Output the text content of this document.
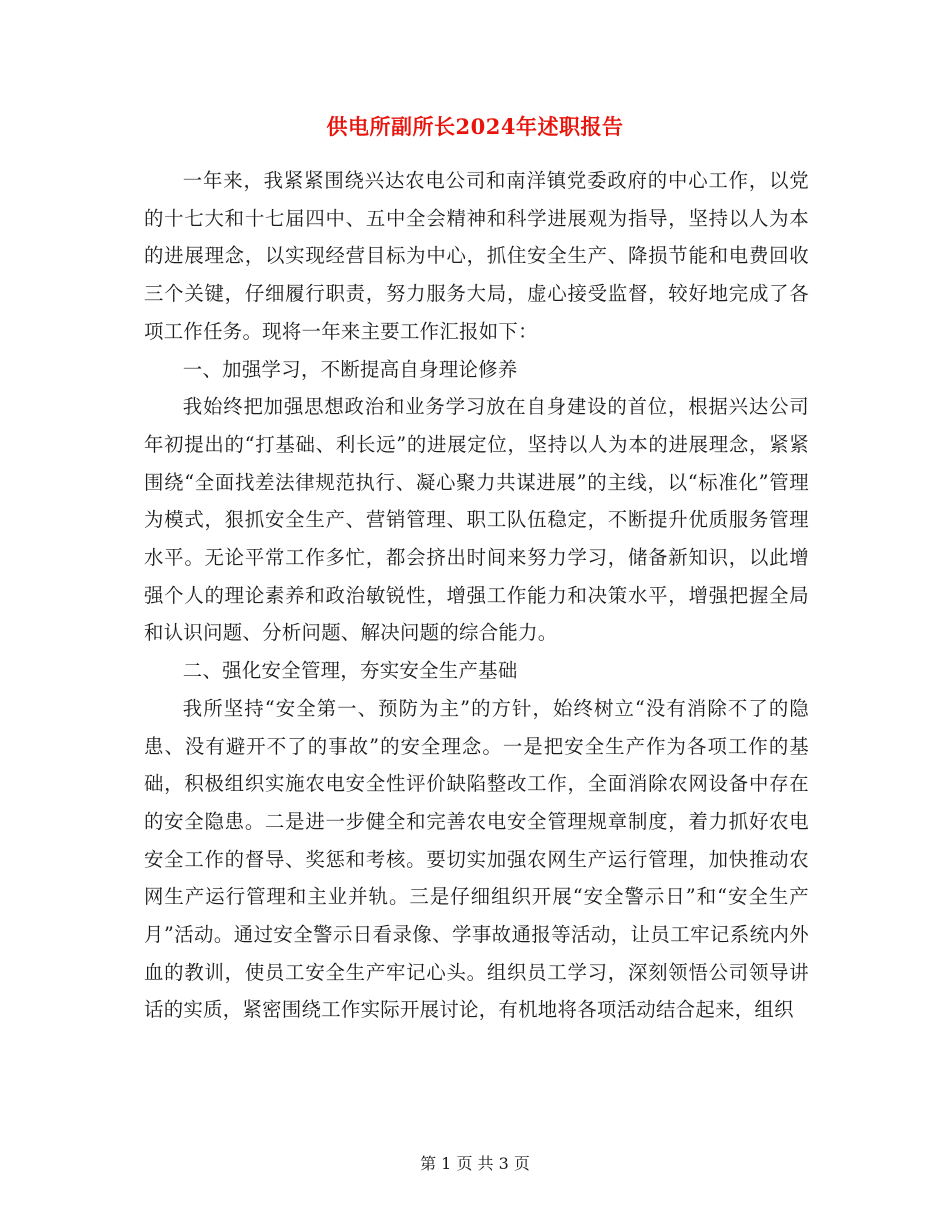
供电所副所长2024年述职报告

一年来，我紧紧围绕兴达农电公司和南洋镇党委政府的中心工作，以党的十七大和十七届四中、五中全会精神和科学进展观为指导，坚持以人为本的进展理念，以实现经营目标为中心，抓住安全生产、降损节能和电费回收三个关键，仔细履行职责，努力服务大局，虚心接受监督，较好地完成了各项工作任务。现将一年来主要工作汇报如下：

一、加强学习，不断提高自身理论修养

我始终把加强思想政治和业务学习放在自身建设的首位，根据兴达公司年初提出的“打基础、利长远”的进展定位，坚持以人为本的进展理念，紧紧围绕“全面找差法律规范执行、凝心聚力共谋进展”的主线，以“标准化”管理为模式，狠抓安全生产、营销管理、职工队伍稳定，不断提升优质服务管理水平。无论平常工作多忙，都会挤出时间来努力学习，储备新知识，以此增强个人的理论素养和政治敏锐性，增强工作能力和决策水平，增强把握全局和认识问题、分析问题、解决问题的综合能力。

二、强化安全管理，夯实安全生产基础

我所坚持“安全第一、预防为主”的方针，始终树立“没有消除不了的隐患、没有避开不了的事故”的安全理念。一是把安全生产作为各项工作的基础，积极组织实施农电安全性评价缺陷整改工作，全面消除农网设备中存在的安全隐患。二是进一步健全和完善农电安全管理规章制度，着力抓好农电安全工作的督导、奖惩和考核。要切实加强农网生产运行管理，加快推动农网生产运行管理和主业并轨。三是仔细组织开展“安全警示日”和“安全生产月”活动。通过安全警示日看录像、学事故通报等活动，让员工牢记系统内外血的教训，使员工安全生产牢记心头。组织员工学习，深刻领悟公司领导讲话的实质，紧密围绕工作实际开展讨论，有机地将各项活动结合起来，组织

第 1 页 共 3 页
